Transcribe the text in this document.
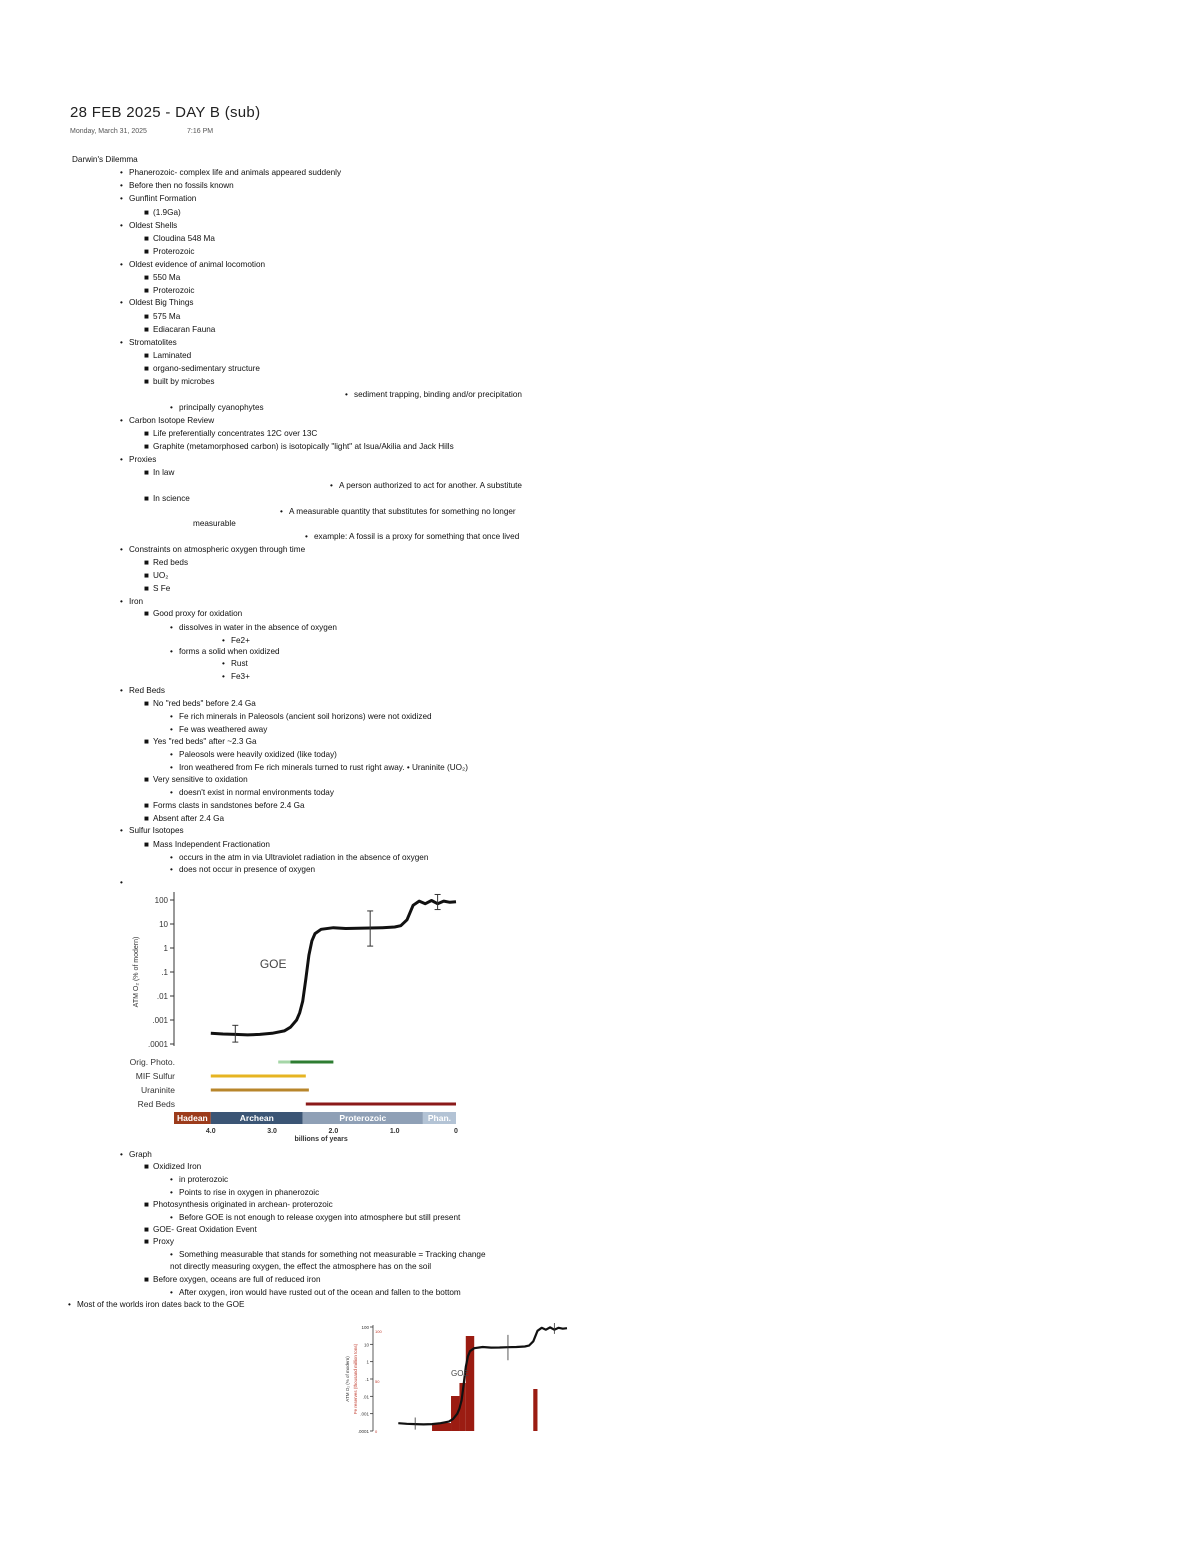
28 FEB 2025 - DAY B (sub)
Monday, March 31, 2025	7:16 PM
Darwin's Dilemma
• Phanerozoic- complex life and animals appeared suddenly
• Before then no fossils known
• Gunflint Formation
■ (1.9Ga)
• Oldest Shells
■ Cloudina 548 Ma
■ Proterozoic
• Oldest evidence of animal locomotion
■ 550 Ma
■ Proterozoic
• Oldest Big Things
■ 575 Ma
■ Ediacaran Fauna
• Stromatolites
■ Laminated
■ organo-sedimentary structure
■ built by microbes
• sediment trapping, binding and/or precipitation
• principally cyanophytes
• Carbon Isotope Review
■ Life preferentially concentrates 12C over 13C
■ Graphite (metamorphosed carbon) is isotopically "light" at Isua/Akilia and Jack Hills
• Proxies
■ In law
• A person authorized to act for another. A substitute
■ In science
• A measurable quantity that substitutes for something no longer
measurable
• example: A fossil is a proxy for something that once lived
• Constraints on atmospheric oxygen through time
■ Red beds
■ UO₂
■ S Fe
• Iron
■ Good proxy for oxidation
• dissolves in water in the absence of oxygen
• Fe2+
• forms a solid when oxidized
• Rust
• Fe3+
• Red Beds
■ No "red beds" before 2.4 Ga
• Fe rich minerals in Paleosols (ancient soil horizons) were not oxidized
• Fe was weathered away
■ Yes "red beds" after ~2.3 Ga
• Paleosols were heavily oxidized (like today)
• Iron weathered from Fe rich minerals turned to rust right away. • Uraninite (UO₂)
■ Very sensitive to oxidation
• doesn't exist in normal environments today
■ Forms clasts in sandstones before 2.4 Ga
■ Absent after 2.4 Ga
• Sulfur Isotopes
■ Mass Independent Fractionation
• occurs in the atm in via Ultraviolet radiation in the absence of oxygen
• does not occur in presence of oxygen
•
• Graph
■ Oxidized Iron
• in proterozoic
• Points to rise in oxygen in phanerozoic
■ Photosynthesis originated in archean- proterozoic
• Before GOE is not enough to release oxygen into atmosphere but still present
■ GOE- Great Oxidation Event
■ Proxy
• Something measurable that stands for something not measurable = Tracking change
not directly measuring oxygen, the effect the atmosphere has on the soil
■ Before oxygen, oceans are full of reduced iron
• After oxygen, iron would have rusted out of the ocean and fallen to the bottom
• Most of the worlds iron dates back to the GOE
100
10
1
.1
.01
.001
.0001
ATM O₂ (% of modern)	GOE
Orig. Photo.
MIF Sulfur
Uraninite
Red Beds
Hadean	Archean	Proterozoic	Phan.
4.0	3.0	2.0	1.0	0
billions of years
100
10
1
.1
.01
.001
.0001
100
50
0
ATM O₂ (% of modern) Fe reserves (thousand million tons)	GOE
